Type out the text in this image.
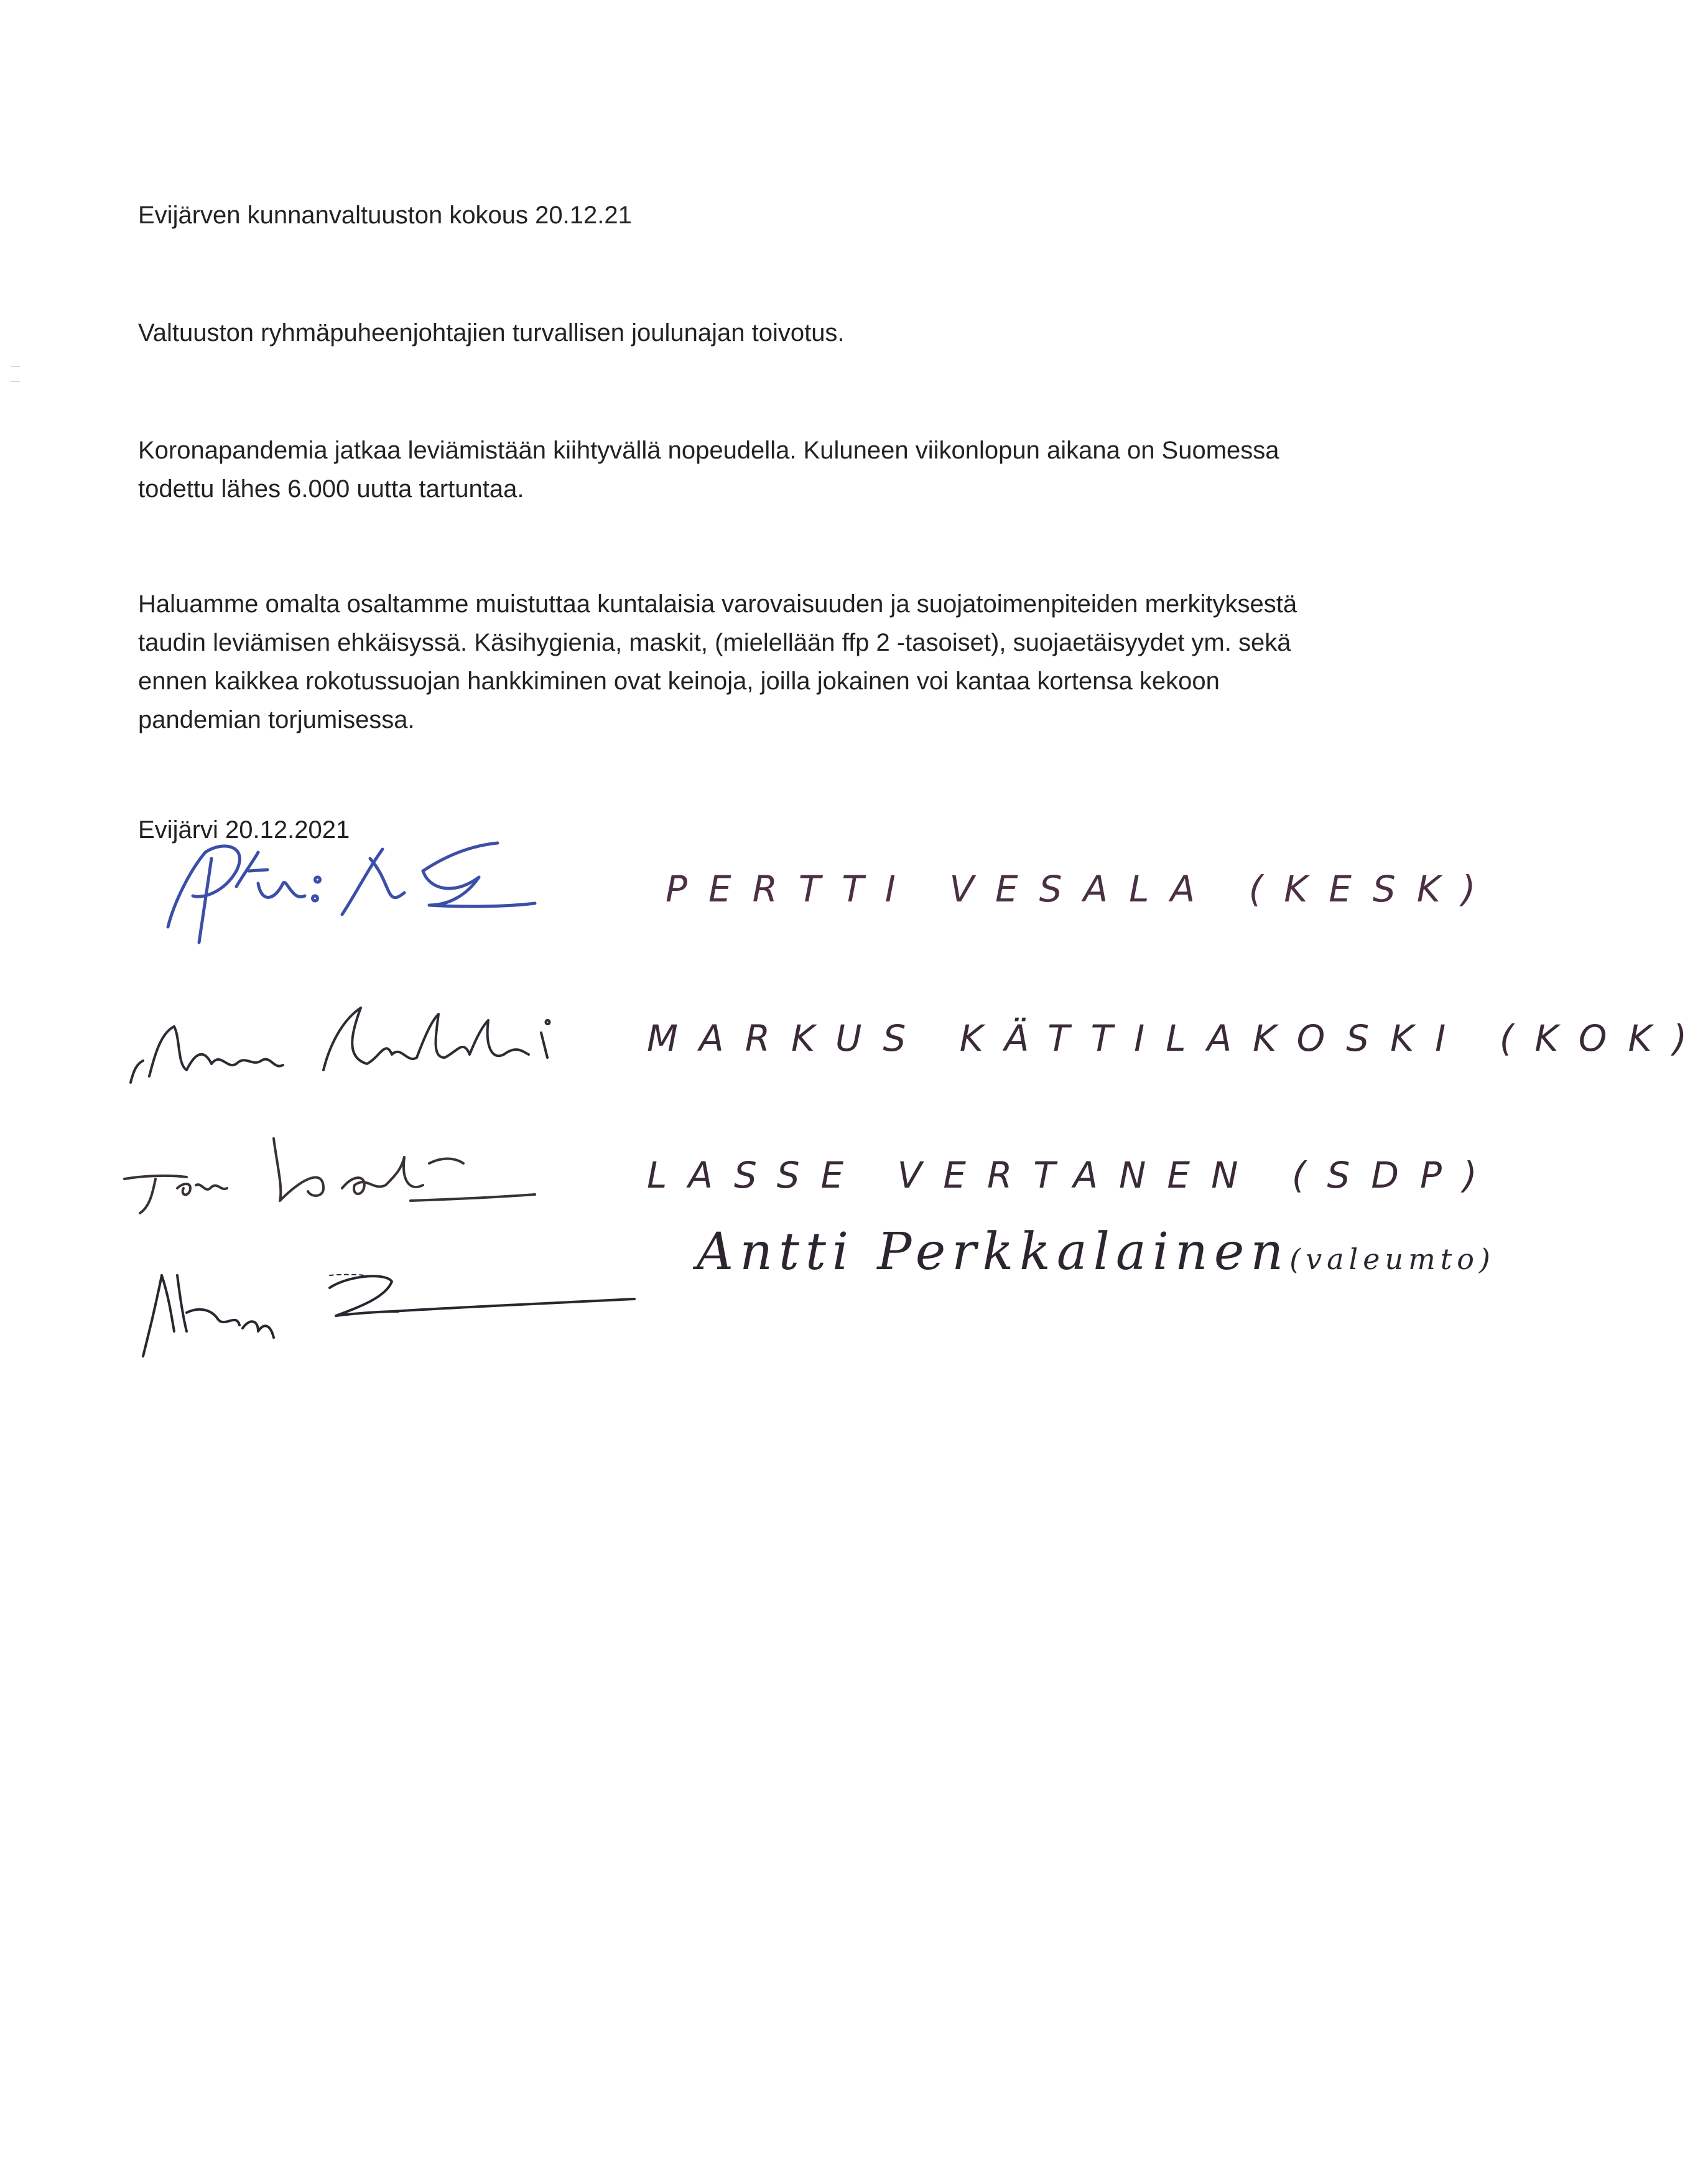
Evijärven kunnanvaltuuston kokous 20.12.21
Valtuuston ryhmäpuheenjohtajien turvallisen joulunajan toivotus.
Koronapandemia jatkaa leviämistään kiihtyvällä nopeudella. Kuluneen viikonlopun aikana on Suomessa
todettu lähes 6.000 uutta tartuntaa.
Haluamme omalta osaltamme muistuttaa kuntalaisia varovaisuuden ja suojatoimenpiteiden merkityksestä
taudin leviämisen ehkäisyssä. Käsihygienia, maskit, (mielellään ffp 2 -tasoiset), suojaetäisyydet ym. sekä
ennen kaikkea rokotussuojan hankkiminen ovat keinoja, joilla jokainen voi kantaa kortensa kekoon
pandemian torjumisessa.
Evijärvi 20.12.2021
PERTTI VESALA (KESK)
MARKUS KÄTTILAKOSKI (KOK)
LASSE VERTANEN (SDP)
Antti Perkkalainen(valeumto)
